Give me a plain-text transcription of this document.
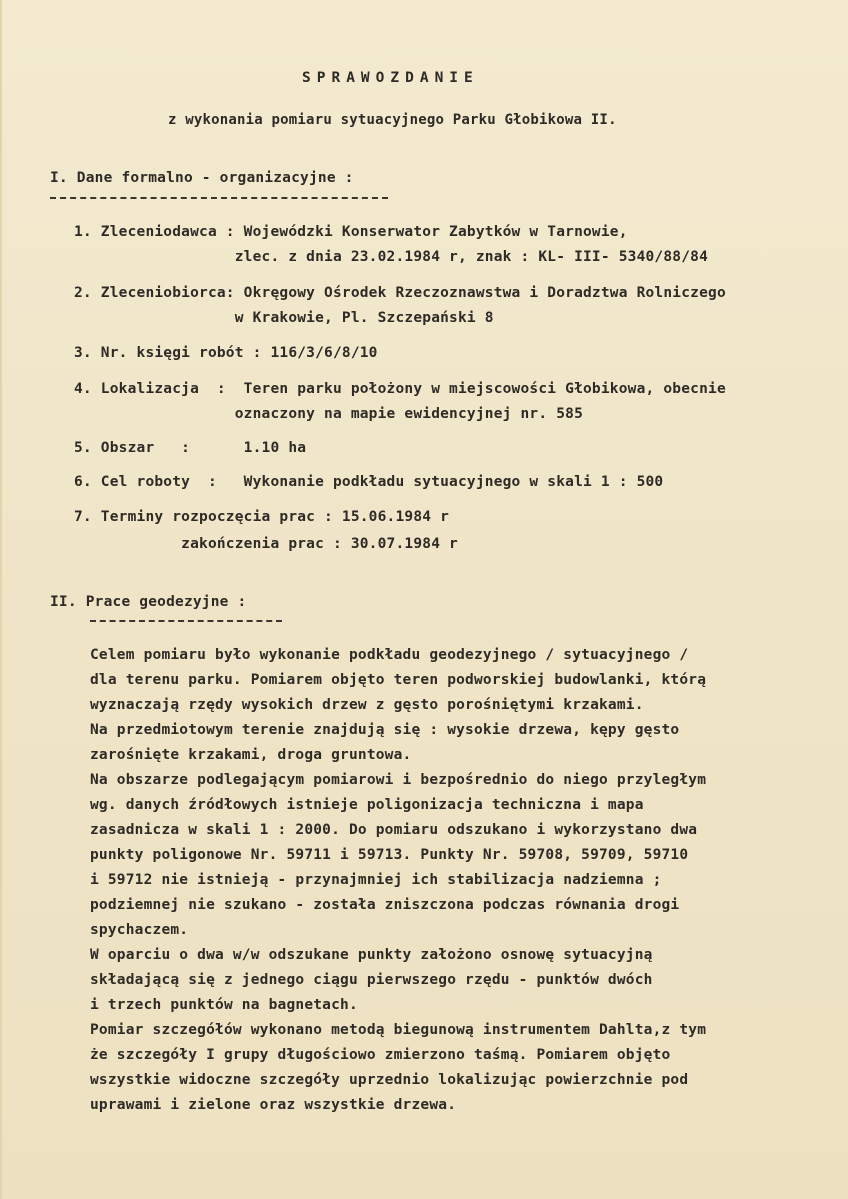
SPRAWOZDANIE
z wykonania pomiaru sytuacyjnego Parku Głobikowa II.
I. Dane formalno - organizacyjne :
1. Zleceniodawca : Wojewódzki Konserwator Zabytków w Tarnowie,
zlec. z dnia 23.02.1984 r, znak : KL- III- 5340/88/84
2. Zleceniobiorca: Okręgowy Ośrodek Rzeczoznawstwa i Doradztwa Rolniczego
w Krakowie, Pl. Szczepański 8
3. Nr. księgi robót : 116/3/6/8/10
4. Lokalizacja  :  Teren parku położony w miejscowości Głobikowa, obecnie
oznaczony na mapie ewidencyjnej nr. 585
5. Obszar   :      1.10 ha
6. Cel roboty  :   Wykonanie podkładu sytuacyjnego w skali 1 : 500
7. Terminy rozpoczęcia prac : 15.06.1984 r
zakończenia prac : 30.07.1984 r
II. Prace geodezyjne :
Celem pomiaru było wykonanie podkładu geodezyjnego / sytuacyjnego /
dla terenu parku. Pomiarem objęto teren podworskiej budowlanki, którą
wyznaczają rzędy wysokich drzew z gęsto porośniętymi krzakami.
Na przedmiotowym terenie znajdują się : wysokie drzewa, kępy gęsto
zarośnięte krzakami, droga gruntowa.
Na obszarze podlegającym pomiarowi i bezpośrednio do niego przyległym
wg. danych źródłowych istnieje poligonizacja techniczna i mapa
zasadnicza w skali 1 : 2000. Do pomiaru odszukano i wykorzystano dwa
punkty poligonowe Nr. 59711 i 59713. Punkty Nr. 59708, 59709, 59710
i 59712 nie istnieją - przynajmniej ich stabilizacja nadziemna ;
podziemnej nie szukano - została zniszczona podczas równania drogi
spychaczem.
W oparciu o dwa w/w odszukane punkty założono osnowę sytuacyjną
składającą się z jednego ciągu pierwszego rzędu - punktów dwóch
i trzech punktów na bagnetach.
Pomiar szczegółów wykonano metodą biegunową instrumentem Dahlta,z tym
że szczegóły I grupy długościowo zmierzono taśmą. Pomiarem objęto
wszystkie widoczne szczegóły uprzednio lokalizując powierzchnie pod
uprawami i zielone oraz wszystkie drzewa.
